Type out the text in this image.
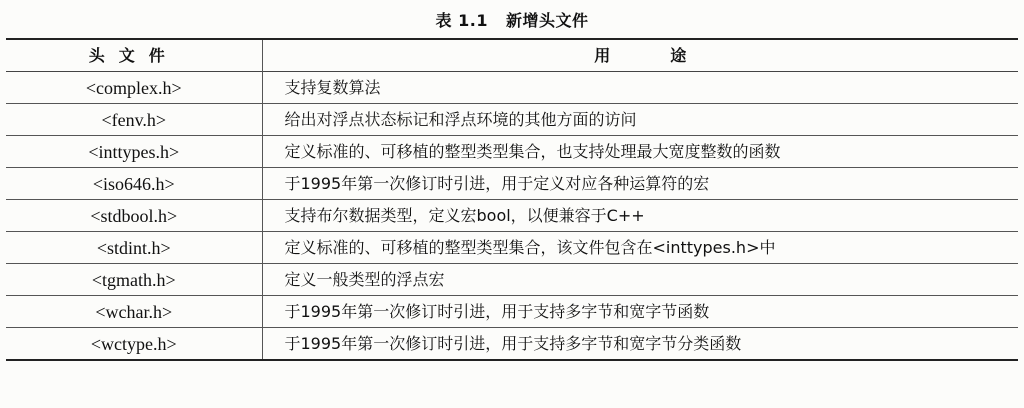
表 1.1 新增头文件
头文件	用 途
<complex.h>	支持复数算法
<fenv.h>	给出对浮点状态标记和浮点环境的其他方面的访问
<inttypes.h>	定义标准的、可移植的整型类型集合，也支持处理最大宽度整数的函数
<iso646.h>	于1995年第一次修订时引进，用于定义对应各种运算符的宏
<stdbool.h>	支持布尔数据类型，定义宏bool，以便兼容于C++
<stdint.h>	定义标准的、可移植的整型类型集合，该文件包含在<inttypes.h>中
<tgmath.h>	定义一般类型的浮点宏
<wchar.h>	于1995年第一次修订时引进，用于支持多字节和宽字节函数
<wctype.h>	于1995年第一次修订时引进，用于支持多字节和宽字节分类函数
